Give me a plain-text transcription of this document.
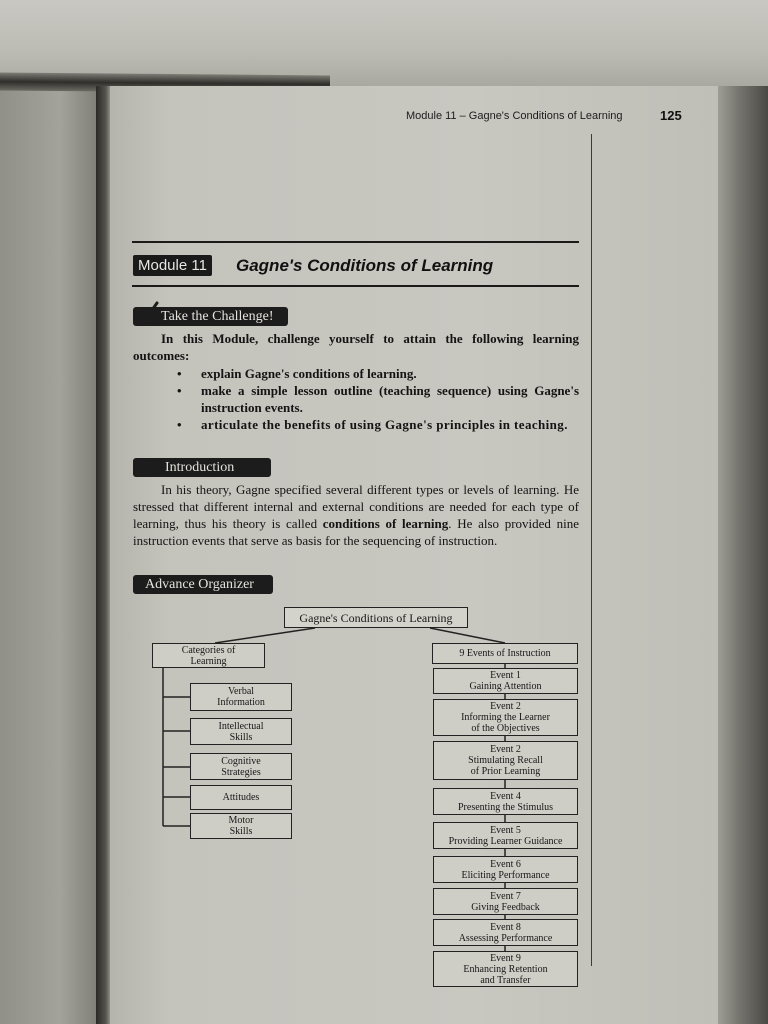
Module 11 – Gagne's Conditions of Learning	125
Module 11 Gagne's Conditions of Learning
Take the Challenge!
In this Module, challenge yourself to attain the following learning outcomes:
• explain Gagne's conditions of learning.
• make a simple lesson outline (teaching sequence) using Gagne's instruction events.
• articulate the benefits of using Gagne's principles in teaching.
Introduction
In his theory, Gagne specified several different types or levels of learning. He stressed that different internal and external conditions are needed for each type of learning, thus his theory is called conditions of learning. He also provided nine instruction events that serve as basis for the sequencing of instruction.
Advance Organizer
Gagne's Conditions of Learning
Categories of
Learning
Verbal
Information
Intellectual
Skills
Cognitive
Strategies
Attitudes
Motor
Skills
9 Events of Instruction
Event 1
Gaining Attention
Event 2
Informing the Learner
of the Objectives
Event 2
Stimulating Recall
of Prior Learning
Event 4
Presenting the Stimulus
Event 5
Providing Learner Guidance
Event 6
Eliciting Performance
Event 7
Giving Feedback
Event 8
Assessing Performance
Event 9
Enhancing Retention
and Transfer
